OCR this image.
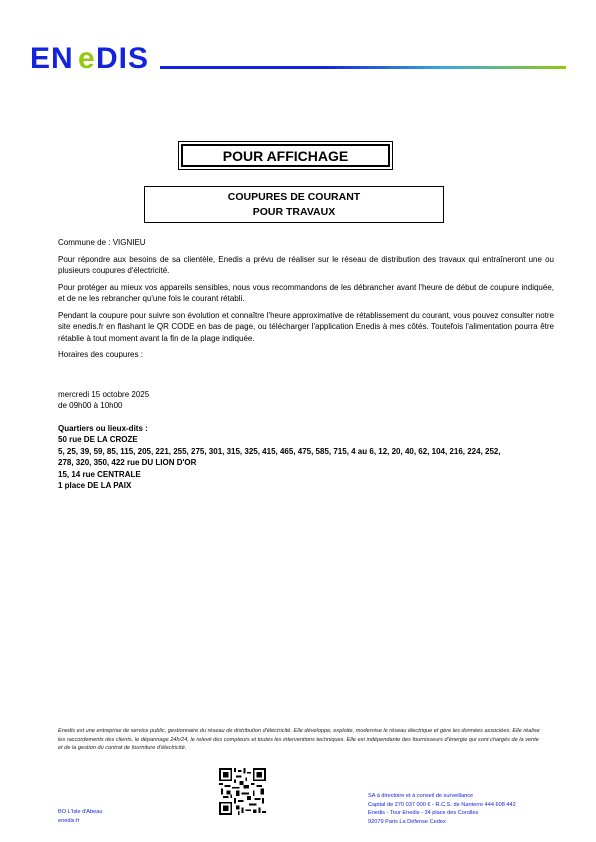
EN e DIS
POUR AFFICHAGE
COUPURES DE COURANT
POUR TRAVAUX

Commune de : VIGNIEU

Pour répondre aux besoins de sa clientèle, Enedis a prévu de réaliser sur le réseau de distribution des travaux qui entraîneront une ou plusieurs coupures d'électricité.

Pour protéger au mieux vos appareils sensibles, nous vous recommandons de les débrancher avant l'heure de début de coupure indiquée, et de ne les rebrancher qu'une fois le courant rétabli.

Pendant la coupure pour suivre son évolution et connaître l'heure approximative de rétablissement du courant, vous pouvez consulter notre site enedis.fr en flashant le QR CODE en bas de page, ou télécharger l'application Enedis à mes côtés. Toutefois l'alimentation pourra être rétablie à tout moment avant la fin de la plage indiquée.

Horaires des coupures :

mercredi 15 octobre 2025
de 09h00 à 10h00
Quartiers ou lieux-dits :
50 rue DE LA CROZE
5, 25, 39, 59, 85, 115, 205, 221, 255, 275, 301, 315, 325, 415, 465, 475, 585, 715, 4 au 6, 12, 20, 40, 62, 104, 216, 224, 252,
278, 320, 350, 422 rue DU LION D'OR
15, 14 rue CENTRALE
1 place DE LA PAIX
Enedis est une entreprise de service public, gestionnaire du réseau de distribution d'électricité. Elle développe, exploite, modernise le réseau électrique et gère les données associées. Elle réalise les raccordements des clients, le dépannage 24h/24, le relevé des compteurs et toutes les interventions techniques. Elle est indépendante des fournisseurs d'énergie qui sont chargés de la vente et de la gestion du contrat de fourniture d'électricité.
BO L'Isle d'Abeau
enedis.fr
SA à directoire et à conseil de surveillance
Capital de 270 037 000 € - R.C.S. de Nanterre 444 608 442
Enedis - Tour Enedis - 34 place des Corolles
92079 Paris La Défense Cedex
